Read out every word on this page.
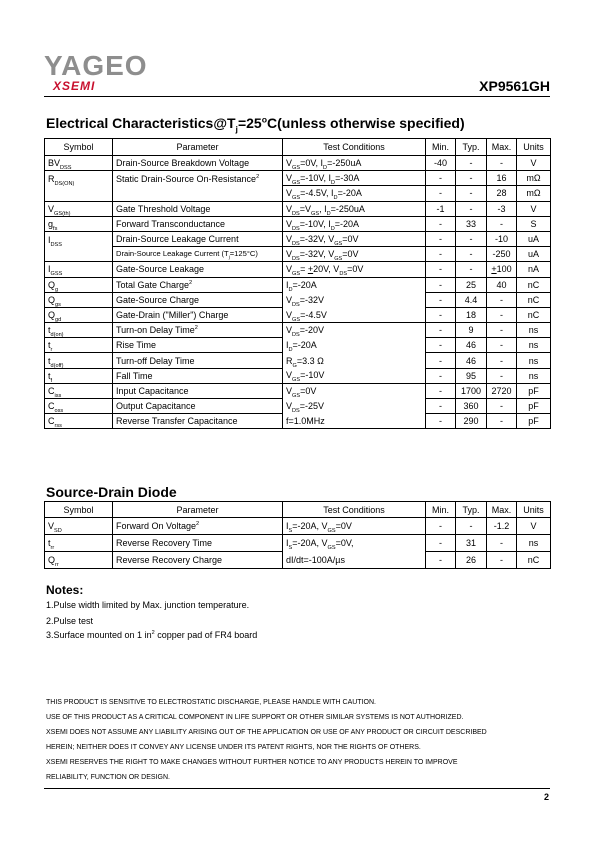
YAGEO
XSEMI	XP9561GH
Electrical $Characteristics@T_j=25^oC(unless$ otherwise specified)
Symbol	Parameter	Test Conditions	Min.	Typ.	Max.	Units
$BV_{DSS}$	Drain-Source Breakdown Voltage	$V_{GS}=0V$, $I_D=-250uA$	-40	-	-	V
$R_{DS(ON)}$	Static Drain-Source On-Resistance$^2$	$V_{GS}=-10V$, $I_D=-30A$	-	-	16	mΩ
		$V_{GS}=-4.5V$, $I_D=-20A$	-	-	28	mΩ
$V_{GS(th)}$	Gate Threshold Voltage	$V_{DS}=V_{GS}$, $I_D=-250uA$	-1	-	-3	V
$g_{fs}$	Forward Transconductance	$V_{DS}=-10V$, $I_D=-20A$	-	33	-	S
$I_{DSS}$	Drain-Source Leakage Current	$V_{DS}=-32V$, $V_{GS}=0V$	-	-	-10	uA
	Drain-Source Leakage Current $(T_j=125^\circ C)$	$V_{DS}=-32V$, $V_{GS}=0V$	-	-	-250	uA
$I_{GSS}$	Gate-Source Leakage	$V_{GS}= +20V$, $V_{DS}=0V$	-	-	+100	nA
$Q_g$	Total Gate Charge$^2$	$I_D=-20A$	-	25	40	nC
$Q_{gs}$	Gate-Source Charge	$V_{DS}=-32V$	-	4.4	-	nC
$Q_{gd}$	Gate-Drain ("Miller") Charge	$V_{GS}=-4.5V$	-	18	-	nC
$t_{d(on)}$	Turn-on Delay Time$^2$	$V_{DS}=-20V$	-	9	-	ns
$t_r$	Rise Time	$I_D=-20A$	-	46	-	ns
$t_{d(off)}$	Turn-off Delay Time	$R_G=3.3$ Ω	-	46	-	ns
$t_f$	Fall Time	$V_{GS}=-10V$	-	95	-	ns
$C_{iss}$	Input Capacitance	$V_{GS}=0V$	-	1700	2720	pF
$C_{oss}$	Output Capacitance	$V_{DS}=-25V$	-	360	-	pF
$C_{rss}$	Reverse Transfer Capacitance	f=1.0MHz	-	290	-	pF
Source-Drain Diode
Symbol	Parameter	Test Conditions	Min.	Typ.	Max.	Units
$V_{SD}$	Forward On Voltage$^2$	$I_S=-20A$, $V_{GS}=0V$	-	-	-1.2	V
$t_{rr}$	Reverse Recovery Time	$I_S=-20A$, $V_{GS}=0V$,	-	31	-	ns
$Q_{rr}$	Reverse Recovery Charge	dI/dt=-100A/µs	-	26	-	nC
Notes:
1.Pulse width limited by Max. junction temperature.
2.Pulse test
3.Surface mounted on 1 $in^2$ copper pad of FR4 board
THIS PRODUCT IS SENSITIVE TO ELECTROSTATIC DISCHARGE, PLEASE HANDLE WITH CAUTION.
USE OF THIS PRODUCT AS A CRITICAL COMPONENT IN LIFE SUPPORT OR OTHER SIMILAR SYSTEMS IS NOT AUTHORIZED.
XSEMI DOES NOT ASSUME ANY LIABILITY ARISING OUT OF THE APPLICATION OR USE OF ANY PRODUCT OR CIRCUIT DESCRIBED
HEREIN; NEITHER DOES IT CONVEY ANY LICENSE UNDER ITS PATENT RIGHTS, NOR THE RIGHTS OF OTHERS.
XSEMI RESERVES THE RIGHT TO MAKE CHANGES WITHOUT FURTHER NOTICE TO ANY PRODUCTS HEREIN TO IMPROVE
RELIABILITY, FUNCTION OR DESIGN.
2
